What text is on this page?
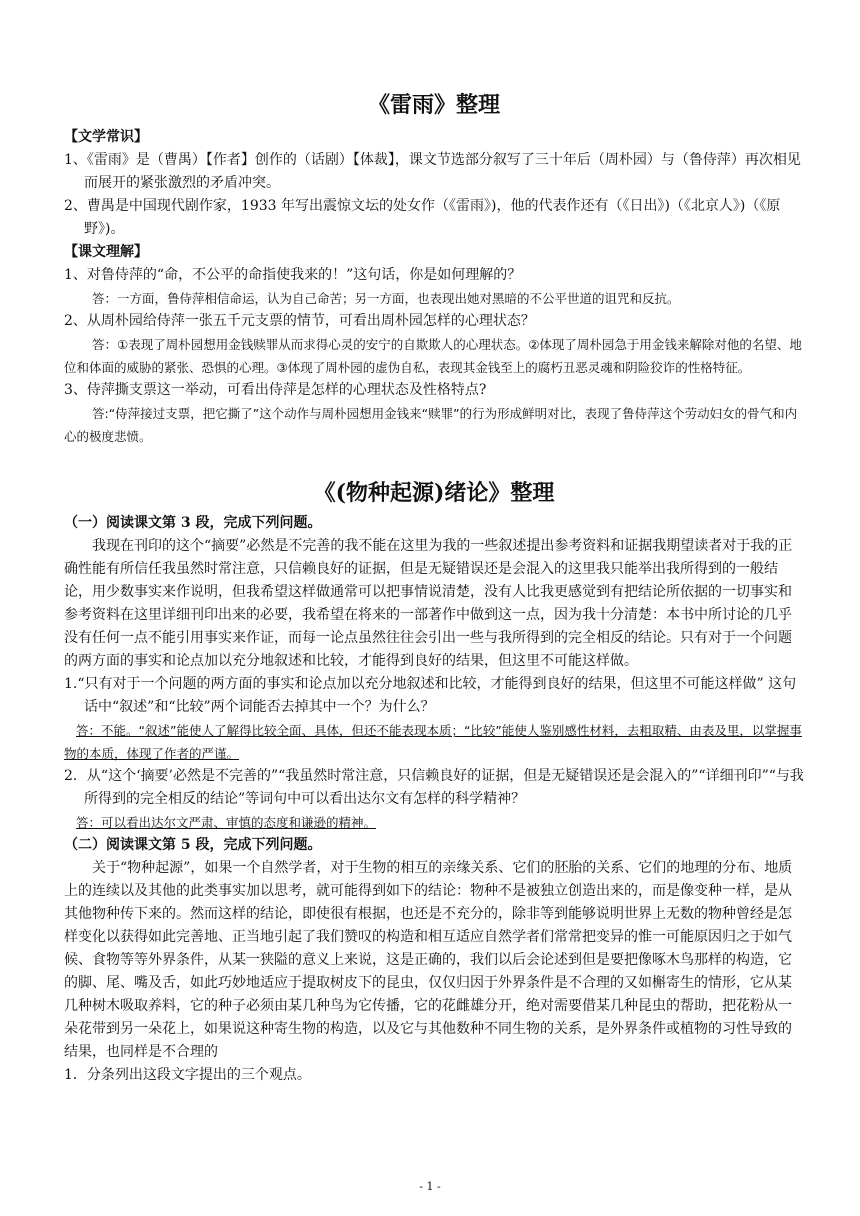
《雷雨》整理

【文学常识】

1、《雷雨》是（曹禺）【作者】创作的（话剧）【体裁】，课文节选部分叙写了三十年后（周朴园）与（鲁侍萍）再次相见而展开的紧张激烈的矛盾冲突。

2、曹禺是中国现代剧作家，1933 年写出震惊文坛的处女作（《雷雨》)，他的代表作还有（《日出》)（《北京人》)（《原野》)。

【课文理解】

1、对鲁侍萍的“命，不公平的命指使我来的！”这句话，你是如何理解的？

答：一方面，鲁侍萍相信命运，认为自己命苦；另一方面，也表现出她对黑暗的不公平世道的诅咒和反抗。

2、从周朴园给侍萍一张五千元支票的情节，可看出周朴园怎样的心理状态？

答：①表现了周朴园想用金钱赎罪从而求得心灵的安宁的自欺欺人的心理状态。②体现了周朴园急于用金钱来解除对他的名望、地位和体面的威胁的紧张、恐惧的心理。③体现了周朴园的虚伪自私，表现其金钱至上的腐朽丑恶灵魂和阴险狡诈的性格特征。

3、侍萍撕支票这一举动，可看出侍萍是怎样的心理状态及性格特点?

答:“侍萍接过支票，把它撕了”这个动作与周朴园想用金钱来“赎罪”的行为形成鲜明对比，表现了鲁侍萍这个劳动妇女的骨气和内心的极度悲愤。

《(物种起源)绪论》整理

（一）阅读课文第 3 段，完成下列问题。

我现在刊印的这个“摘要”必然是不完善的我不能在这里为我的一些叙述提出参考资料和证据我期望读者对于我的正确性能有所信任我虽然时常注意，只信赖良好的证据，但是无疑错误还是会混入的这里我只能举出我所得到的一般结论，用少数事实来作说明，但我希望这样做通常可以把事情说清楚，没有人比我更感觉到有把结论所依据的一切事实和参考资料在这里详细刊印出来的必要，我希望在将来的一部著作中做到这一点，因为我十分清楚：本书中所讨论的几乎没有任何一点不能引用事实来作证，而每一论点虽然往往会引出一些与我所得到的完全相反的结论。只有对于一个问题的两方面的事实和论点加以充分地叙述和比较，才能得到良好的结果，但这里不可能这样做。

1.“只有对于一个问题的两方面的事实和论点加以充分地叙述和比较，才能得到良好的结果，但这里不可能这样做” 这句话中“叙述”和“比较”两个词能否去掉其中一个？为什么？

答：不能。“叙述”能使人了解得比较全面、具体，但还不能表现本质；“比较”能使人鉴别感性材料，去粗取精、由表及里，以掌握事物的本质，体现了作者的严谨。

2．从“这个‘摘要’必然是不完善的”“我虽然时常注意，只信赖良好的证据，但是无疑错误还是会混入的”“详细刊印”“与我所得到的完全相反的结论”等词句中可以看出达尔文有怎样的科学精神？

答：可以看出达尔文严肃、审慎的态度和谦逊的精神。

（二）阅读课文第 5 段，完成下列问题。

关于“物种起源”，如果一个自然学者，对于生物的相互的亲缘关系、它们的胚胎的关系、它们的地理的分布、地质上的连续以及其他的此类事实加以思考，就可能得到如下的结论：物种不是被独立创造出来的，而是像变种一样，是从其他物种传下来的。然而这样的结论，即使很有根据，也还是不充分的，除非等到能够说明世界上无数的物种曾经是怎样变化以获得如此完善地、正当地引起了我们赞叹的构造和相互适应自然学者们常常把变异的惟一可能原因归之于如气候、食物等等外界条件，从某一狭隘的意义上来说，这是正确的，我们以后会论述到但是要把像啄木鸟那样的构造，它的脚、尾、嘴及舌，如此巧妙地适应于提取树皮下的昆虫，仅仅归因于外界条件是不合理的又如槲寄生的情形，它从某几种树木吸取养料，它的种子必须由某几种鸟为它传播，它的花雌雄分开，绝对需要借某几种昆虫的帮助，把花粉从一朵花带到另一朵花上，如果说这种寄生物的构造，以及它与其他数种不同生物的关系，是外界条件或植物的习性导致的结果，也同样是不合理的

1．分条列出这段文字提出的三个观点。

- 1 -
